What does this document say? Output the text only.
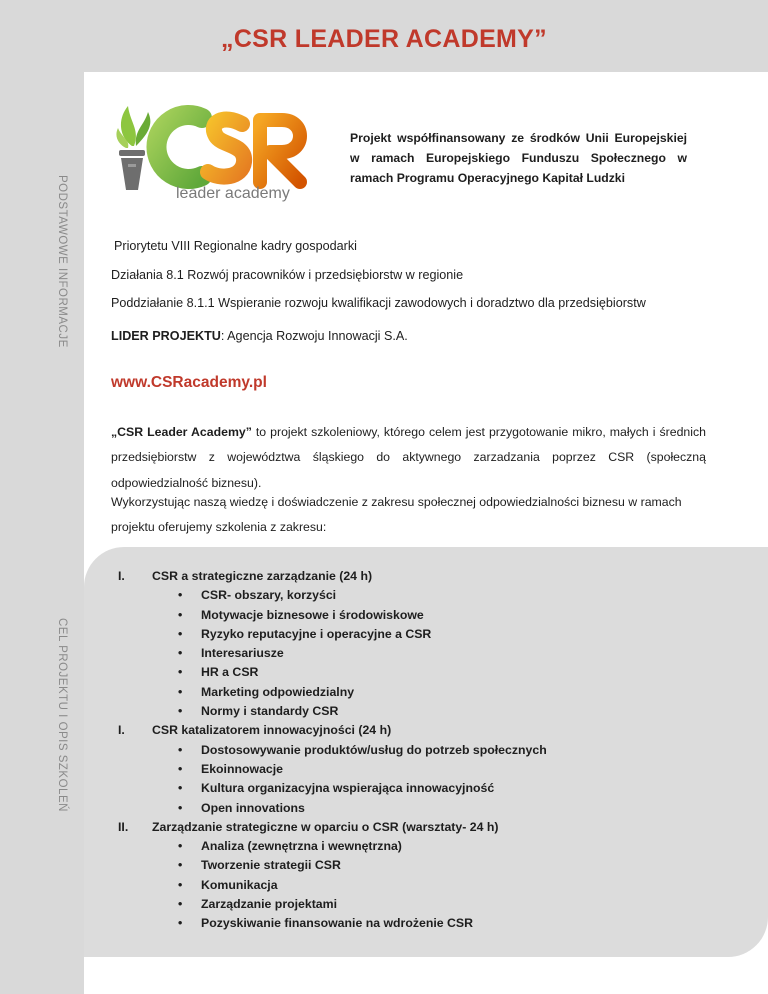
„CSR LEADER ACADEMY”
PODSTAWOWE INFORMACJE
CEL PROJEKTU I OPIS SZKOLEŃ
leader academy
Projekt współfinansowany ze środków Unii Europejskiej w ramach Europejskiego Funduszu Społecznego w ramach Programu Operacyjnego Kapitał Ludzki
Priorytetu VIII Regionalne kadry gospodarki
Działania 8.1 Rozwój pracowników i przedsiębiorstw w regionie
Poddziałanie 8.1.1 Wspieranie rozwoju kwalifikacji zawodowych i doradztwo dla przedsiębiorstw
LIDER PROJEKTU: Agencja Rozwoju Innowacji S.A.
www.CSRacademy.pl
„CSR Leader Academy” to projekt szkoleniowy, którego celem jest przygotowanie mikro, małych i średnich przedsiębiorstw z województwa śląskiego do aktywnego zarzadzania poprzez CSR (społeczną odpowiedzialność biznesu).
Wykorzystując naszą wiedzę i doświadczenie z zakresu społecznej odpowiedzialności biznesu w ramach projektu oferujemy szkolenia z zakresu:
I.	CSR a strategiczne zarządzanie (24 h)
• CSR- obszary, korzyści
• Motywacje biznesowe i środowiskowe
• Ryzyko reputacyjne i operacyjne a CSR
• Interesariusze
• HR a CSR
• Marketing odpowiedzialny
• Normy i standardy CSR
I.	CSR katalizatorem innowacyjności (24 h)
• Dostosowywanie produktów/usług do potrzeb społecznych
• Ekoinnowacje
• Kultura organizacyjna wspierająca innowacyjność
• Open innovations
II.	Zarządzanie strategiczne w oparciu o CSR (warsztaty- 24 h)
• Analiza (zewnętrzna i wewnętrzna)
• Tworzenie strategii CSR
• Komunikacja
• Zarządzanie projektami
• Pozyskiwanie finansowanie na wdrożenie CSR
